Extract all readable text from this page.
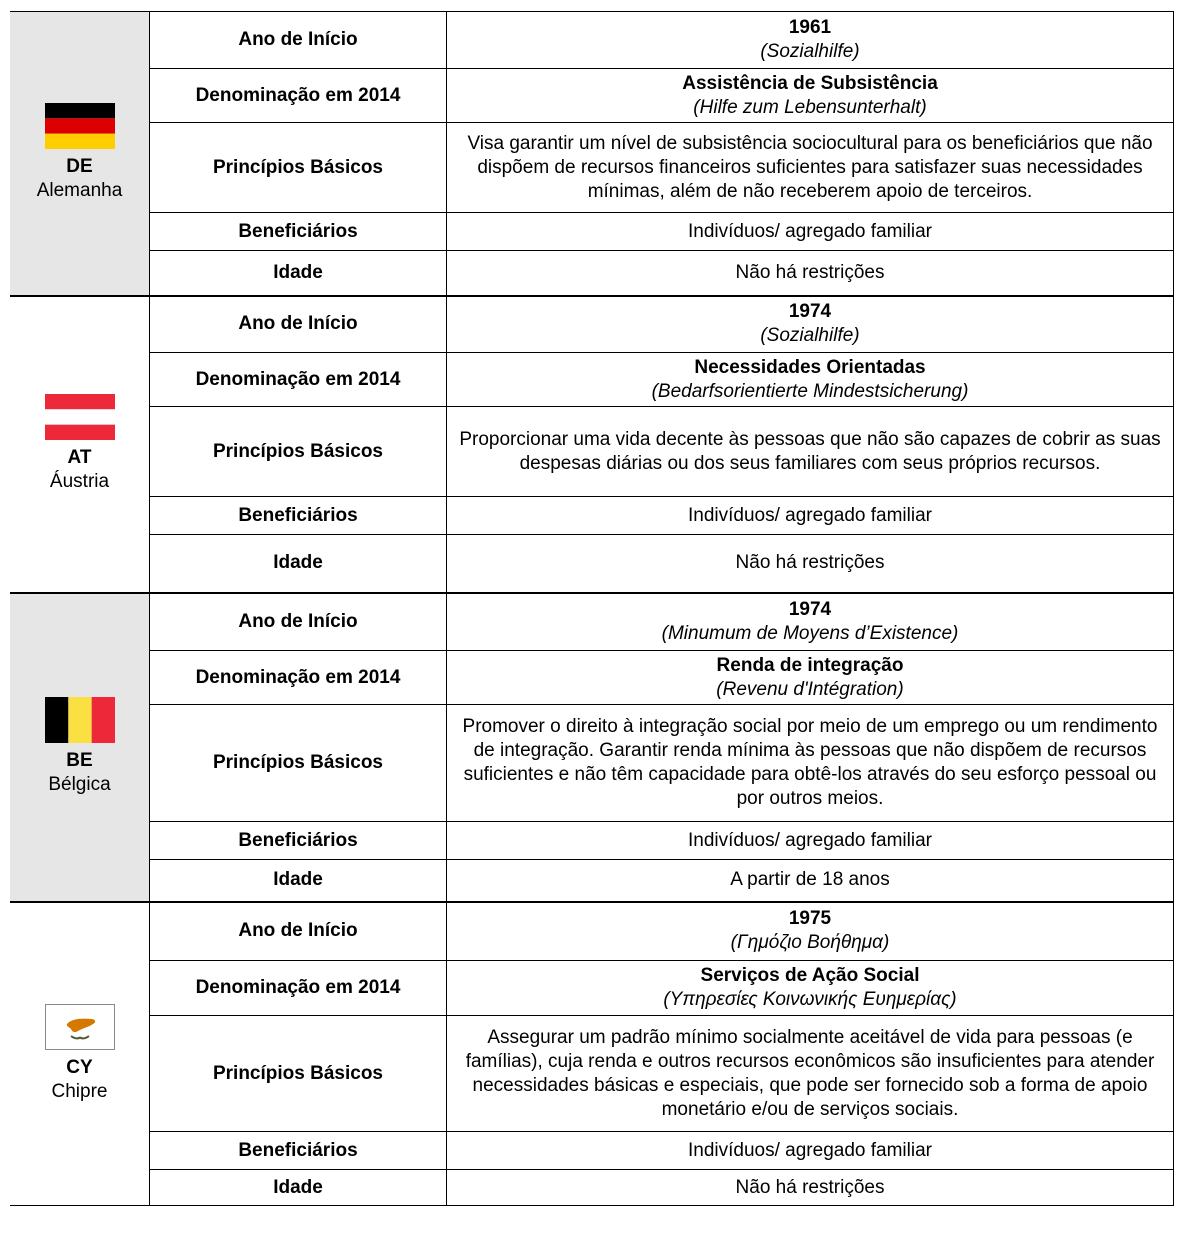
DE
Alemanha	Ano de Início	1961
(Sozialhilfe)

	Denominação em 2014	Assistência de Subsistência
(Hilfe zum Lebensunterhalt)

	Princípios Básicos	Visa garantir um nível de subsistência sociocultural para os beneficiários que não dispõem de recursos financeiros suficientes para satisfazer suas necessidades mínimas, além de não receberem apoio de terceiros.
	Beneficiários	Indivíduos/ agregado familiar
	Idade	Não há restrições

AT
Áustria	Ano de Início	1974
(Sozialhilfe)

	Denominação em 2014	Necessidades Orientadas
(Bedarfsorientierte Mindestsicherung)

	Princípios Básicos	Proporcionar uma vida decente às pessoas que não são capazes de cobrir as suas despesas diárias ou dos seus familiares com seus próprios recursos.
	Beneficiários	Indivíduos/ agregado familiar
	Idade	Não há restrições

BE
Bélgica	Ano de Início	1974
(Minumum de Moyens d’Existence)

	Denominação em 2014	Renda de integração
(Revenu d'Intégration)

	Princípios Básicos	Promover o direito à integração social por meio de um emprego ou um rendimento de integração. Garantir renda mínima às pessoas que não dispõem de recursos suficientes e não têm capacidade para obtê-los através do seu esforço pessoal ou por outros meios.
	Beneficiários	Indivíduos/ agregado familiar
	Idade	A partir de 18 anos

CY
Chipre	Ano de Início	1975
(Γημόζιο Βοήθημα)

	Denominação em 2014	Serviços de Ação Social
(Υπηρεσίες Κοινωνικής Ευημερίας)

	Princípios Básicos	Assegurar um padrão mínimo socialmente aceitável de vida para pessoas (e famílias), cuja renda e outros recursos econômicos são insuficientes para atender necessidades básicas e especiais, que pode ser fornecido sob a forma de apoio monetário e/ou de serviços sociais.
	Beneficiários	Indivíduos/ agregado familiar
	Idade	Não há restrições
